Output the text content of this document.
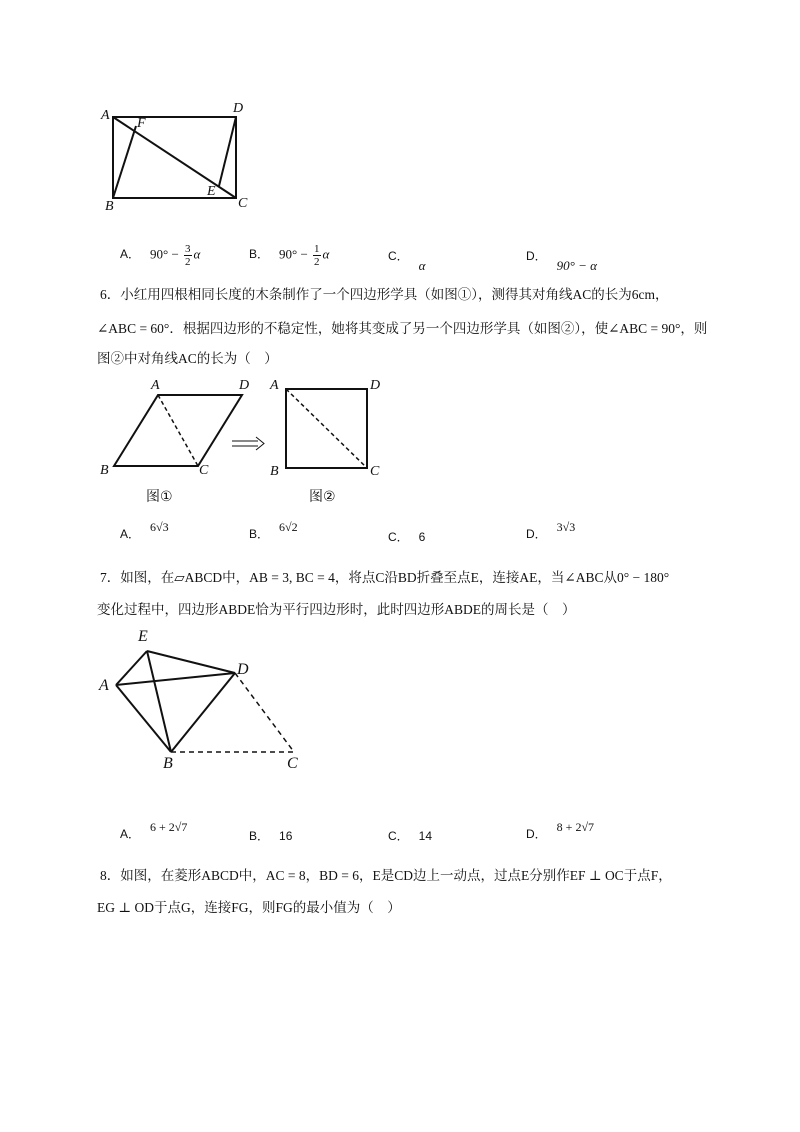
A
F
D
B
E
C
A． $90^\circ - \frac{3}{2}$ α	B． $90^\circ - \frac{1}{2}$ α	C．α
D．90° − α
6．小红用四根相同长度的木条制作了一个四边形学具（如图①），测得其对角线AC的长为6cm，
∠ABC = 60°．根据四边形的不稳定性，她将其变成了另一个四边形学具（如图②），使∠ABC = 90°，则
图②中对角线AC的长为（　）
A	D
B	C
图①
A	D
B	C
图②
A． 6√3	B． 6√2
C． 6	D． 3√3
7．如图，在▱ABCD中，AB = 3, BC = 4，将点C沿BD折叠至点E，连接AE，当∠ABC从0° − 180°
变化过程中，四边形ABDE恰为平行四边形时，此时四边形ABDE的周长是（　）
E
A
D
B	C
A． 6 + 2√7
B． 16	C． 14	D． 8 + 2√7
8．如图，在菱形ABCD中，AC = 8，BD = 6，E是CD边上一动点，过点E分别作EF ⊥ OC于点F，
EG ⊥ OD于点G，连接FG，则FG的最小值为（　）
